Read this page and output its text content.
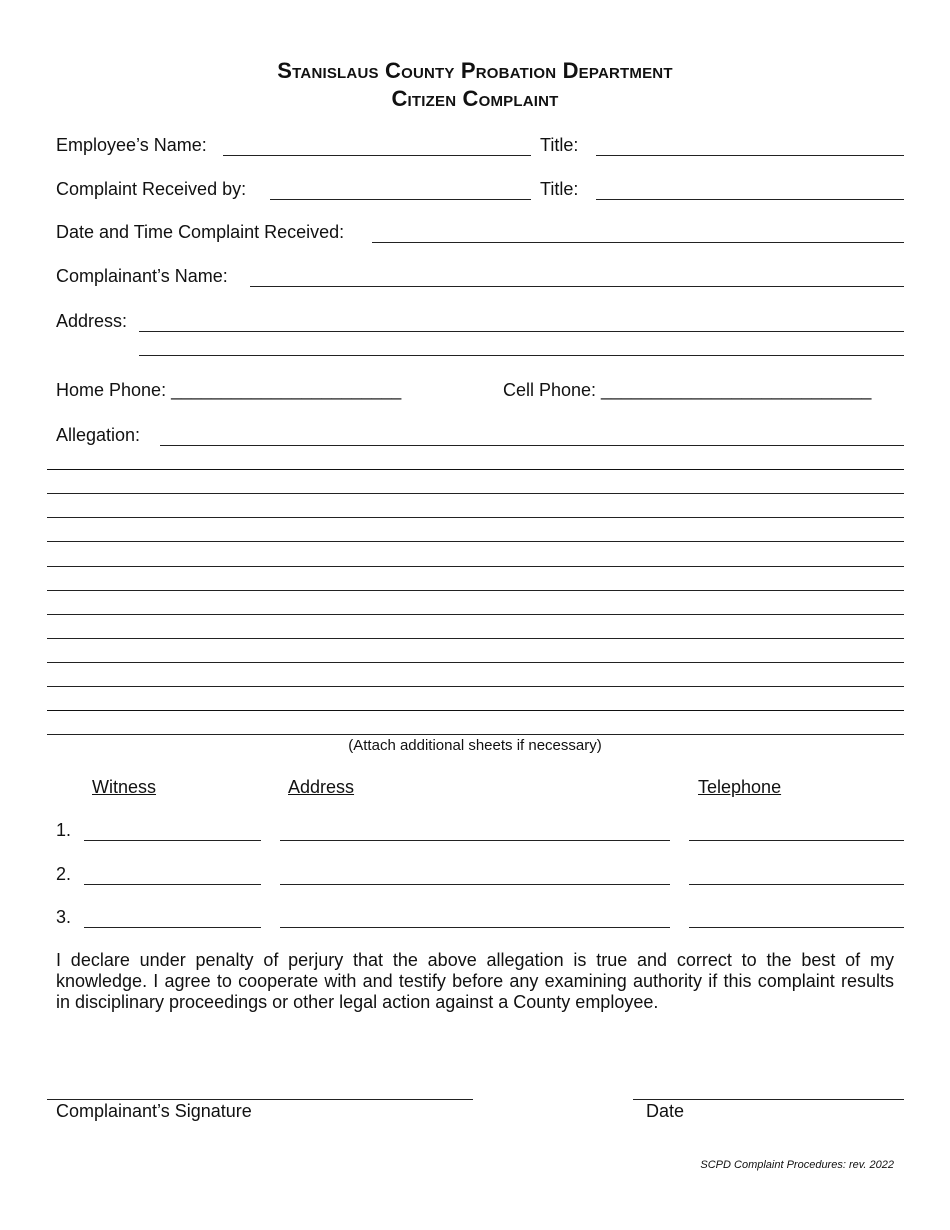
Stanislaus County Probation Department
Citizen Complaint
Employee’s Name:	Title:
Complaint Received by:	Title:
Date and Time Complaint Received:
Complainant’s Name:
Address:
Home Phone: _______________________	Cell Phone: ___________________________
Allegation:
(Attach additional sheets if necessary)
Witness	Address	Telephone
1.
2.
3.
I declare under penalty of perjury that the above allegation is true and correct to the best of my knowledge. I agree to cooperate with and testify before any examining authority if this complaint results in disciplinary proceedings or other legal action against a County employee.
Complainant’s Signature	Date
SCPD Complaint Procedures: rev. 2022
